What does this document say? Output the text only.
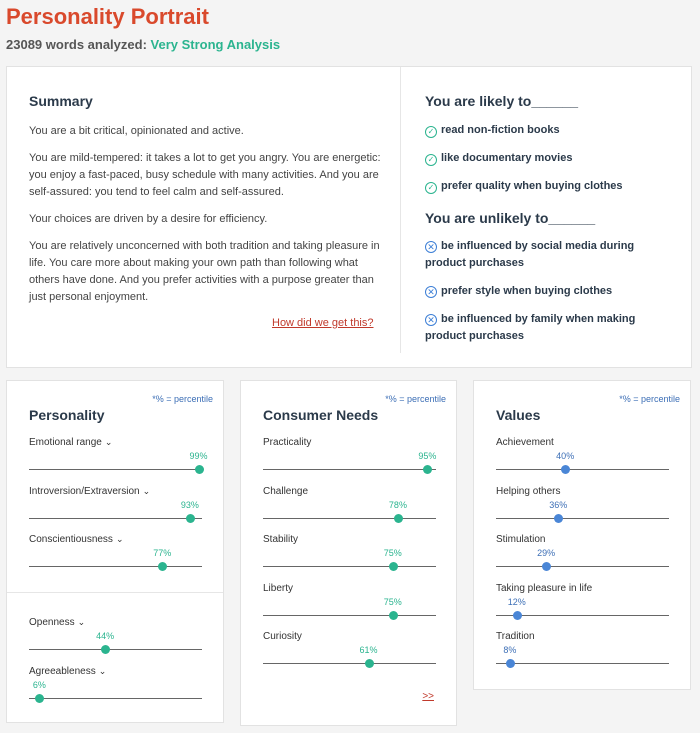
Personality Portrait
23089 words analyzed: Very Strong Analysis
Summary

You are a bit critical, opinionated and active.

You are mild-tempered: it takes a lot to get you angry. You are energetic: you enjoy a fast-paced, busy schedule with many activities. And you are self-assured: you tend to feel calm and self-assured.

Your choices are driven by a desire for efficiency.

You are relatively unconcerned with both tradition and taking pleasure in life. You care more about making your own path than following what others have done. And you prefer activities with a purpose greater than just personal enjoyment.

How did we get this?
You are likely to______
✓ read non-fiction books
✓ like documentary movies
✓ prefer quality when buying clothes
You are unlikely to______
✕ be influenced by social media during product purchases
✕ prefer style when buying clothes
✕ be influenced by family when making product purchases
*% = percentile
Personality
Emotional range ⌄
99%
Introversion/Extraversion ⌄
93%
Conscientiousness ⌄
77%
Openness ⌄
44%
Agreeableness ⌄
6%
*% = percentile
Consumer Needs
Practicality
95%
Challenge
78%
Stability
75%
Liberty
75%
Curiosity
61%
>>
*% = percentile
Values
Achievement
40%
Helping others
36%
Stimulation
29%
Taking pleasure in life
12%
Tradition
8%
